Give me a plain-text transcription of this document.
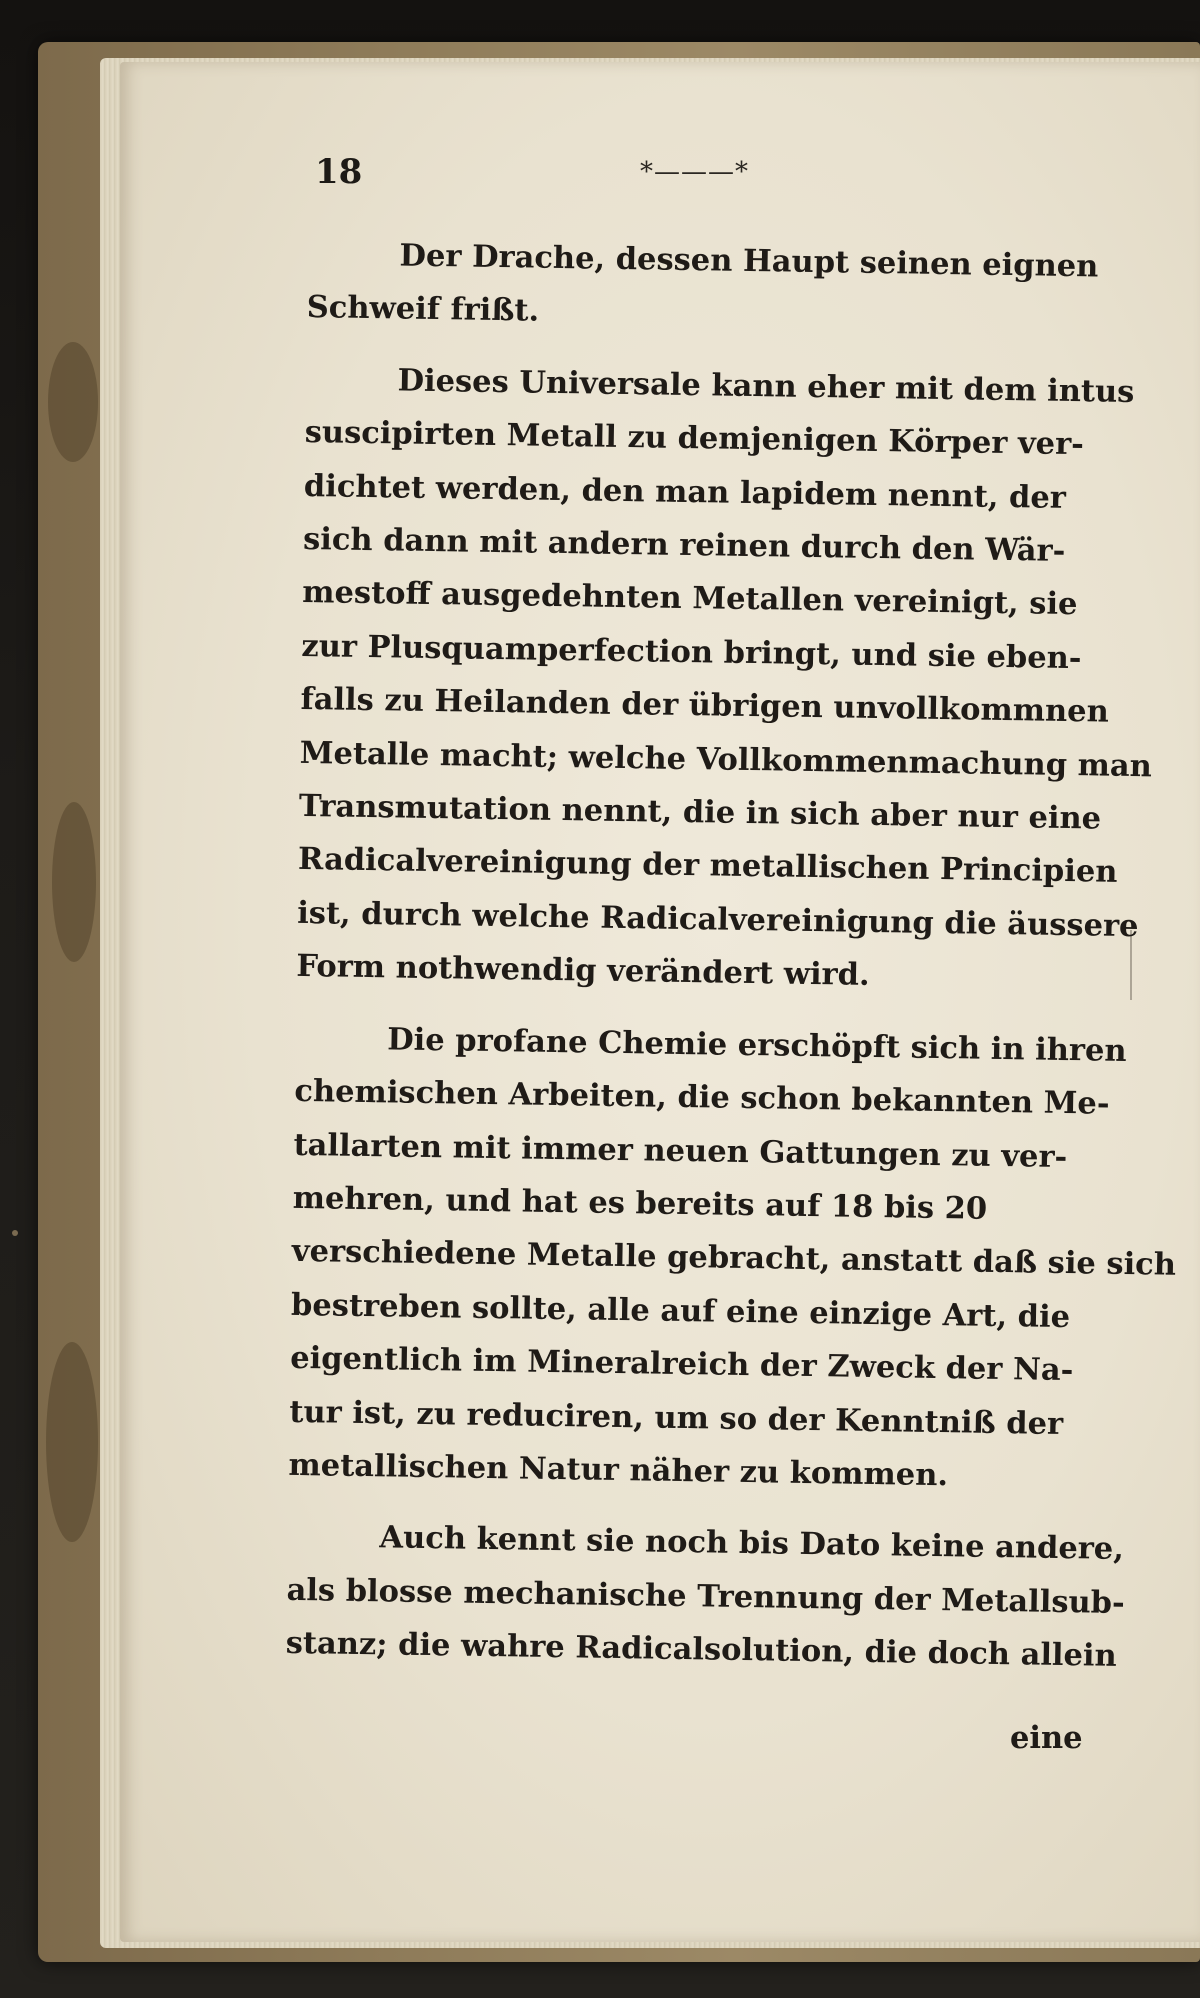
18	*———*
Der Drache, dessen Haupt seinen eignen
Schweif frißt.
Dieses Universale kann eher mit dem intus
suscipirten Metall zu demjenigen Körper ver-
dichtet werden, den man lapidem nennt, der
sich dann mit andern reinen durch den Wär-
mestoff ausgedehnten Metallen vereinigt, sie
zur Plusquamperfection bringt, und sie eben-
falls zu Heilanden der übrigen unvollkommnen
Metalle macht; welche Vollkommenmachung man
Transmutation nennt, die in sich aber nur eine
Radicalvereinigung der metallischen Principien
ist, durch welche Radicalvereinigung die äussere
Form nothwendig verändert wird.
Die profane Chemie erschöpft sich in ihren
chemischen Arbeiten, die schon bekannten Me-
tallarten mit immer neuen Gattungen zu ver-
mehren, und hat es bereits auf 18 bis 20
verschiedene Metalle gebracht, anstatt daß sie sich
bestreben sollte, alle auf eine einzige Art, die
eigentlich im Mineralreich der Zweck der Na-
tur ist, zu reduciren, um so der Kenntniß der
metallischen Natur näher zu kommen.
Auch kennt sie noch bis Dato keine andere,
als blosse mechanische Trennung der Metallsub-
stanz; die wahre Radicalsolution, die doch allein
eine
